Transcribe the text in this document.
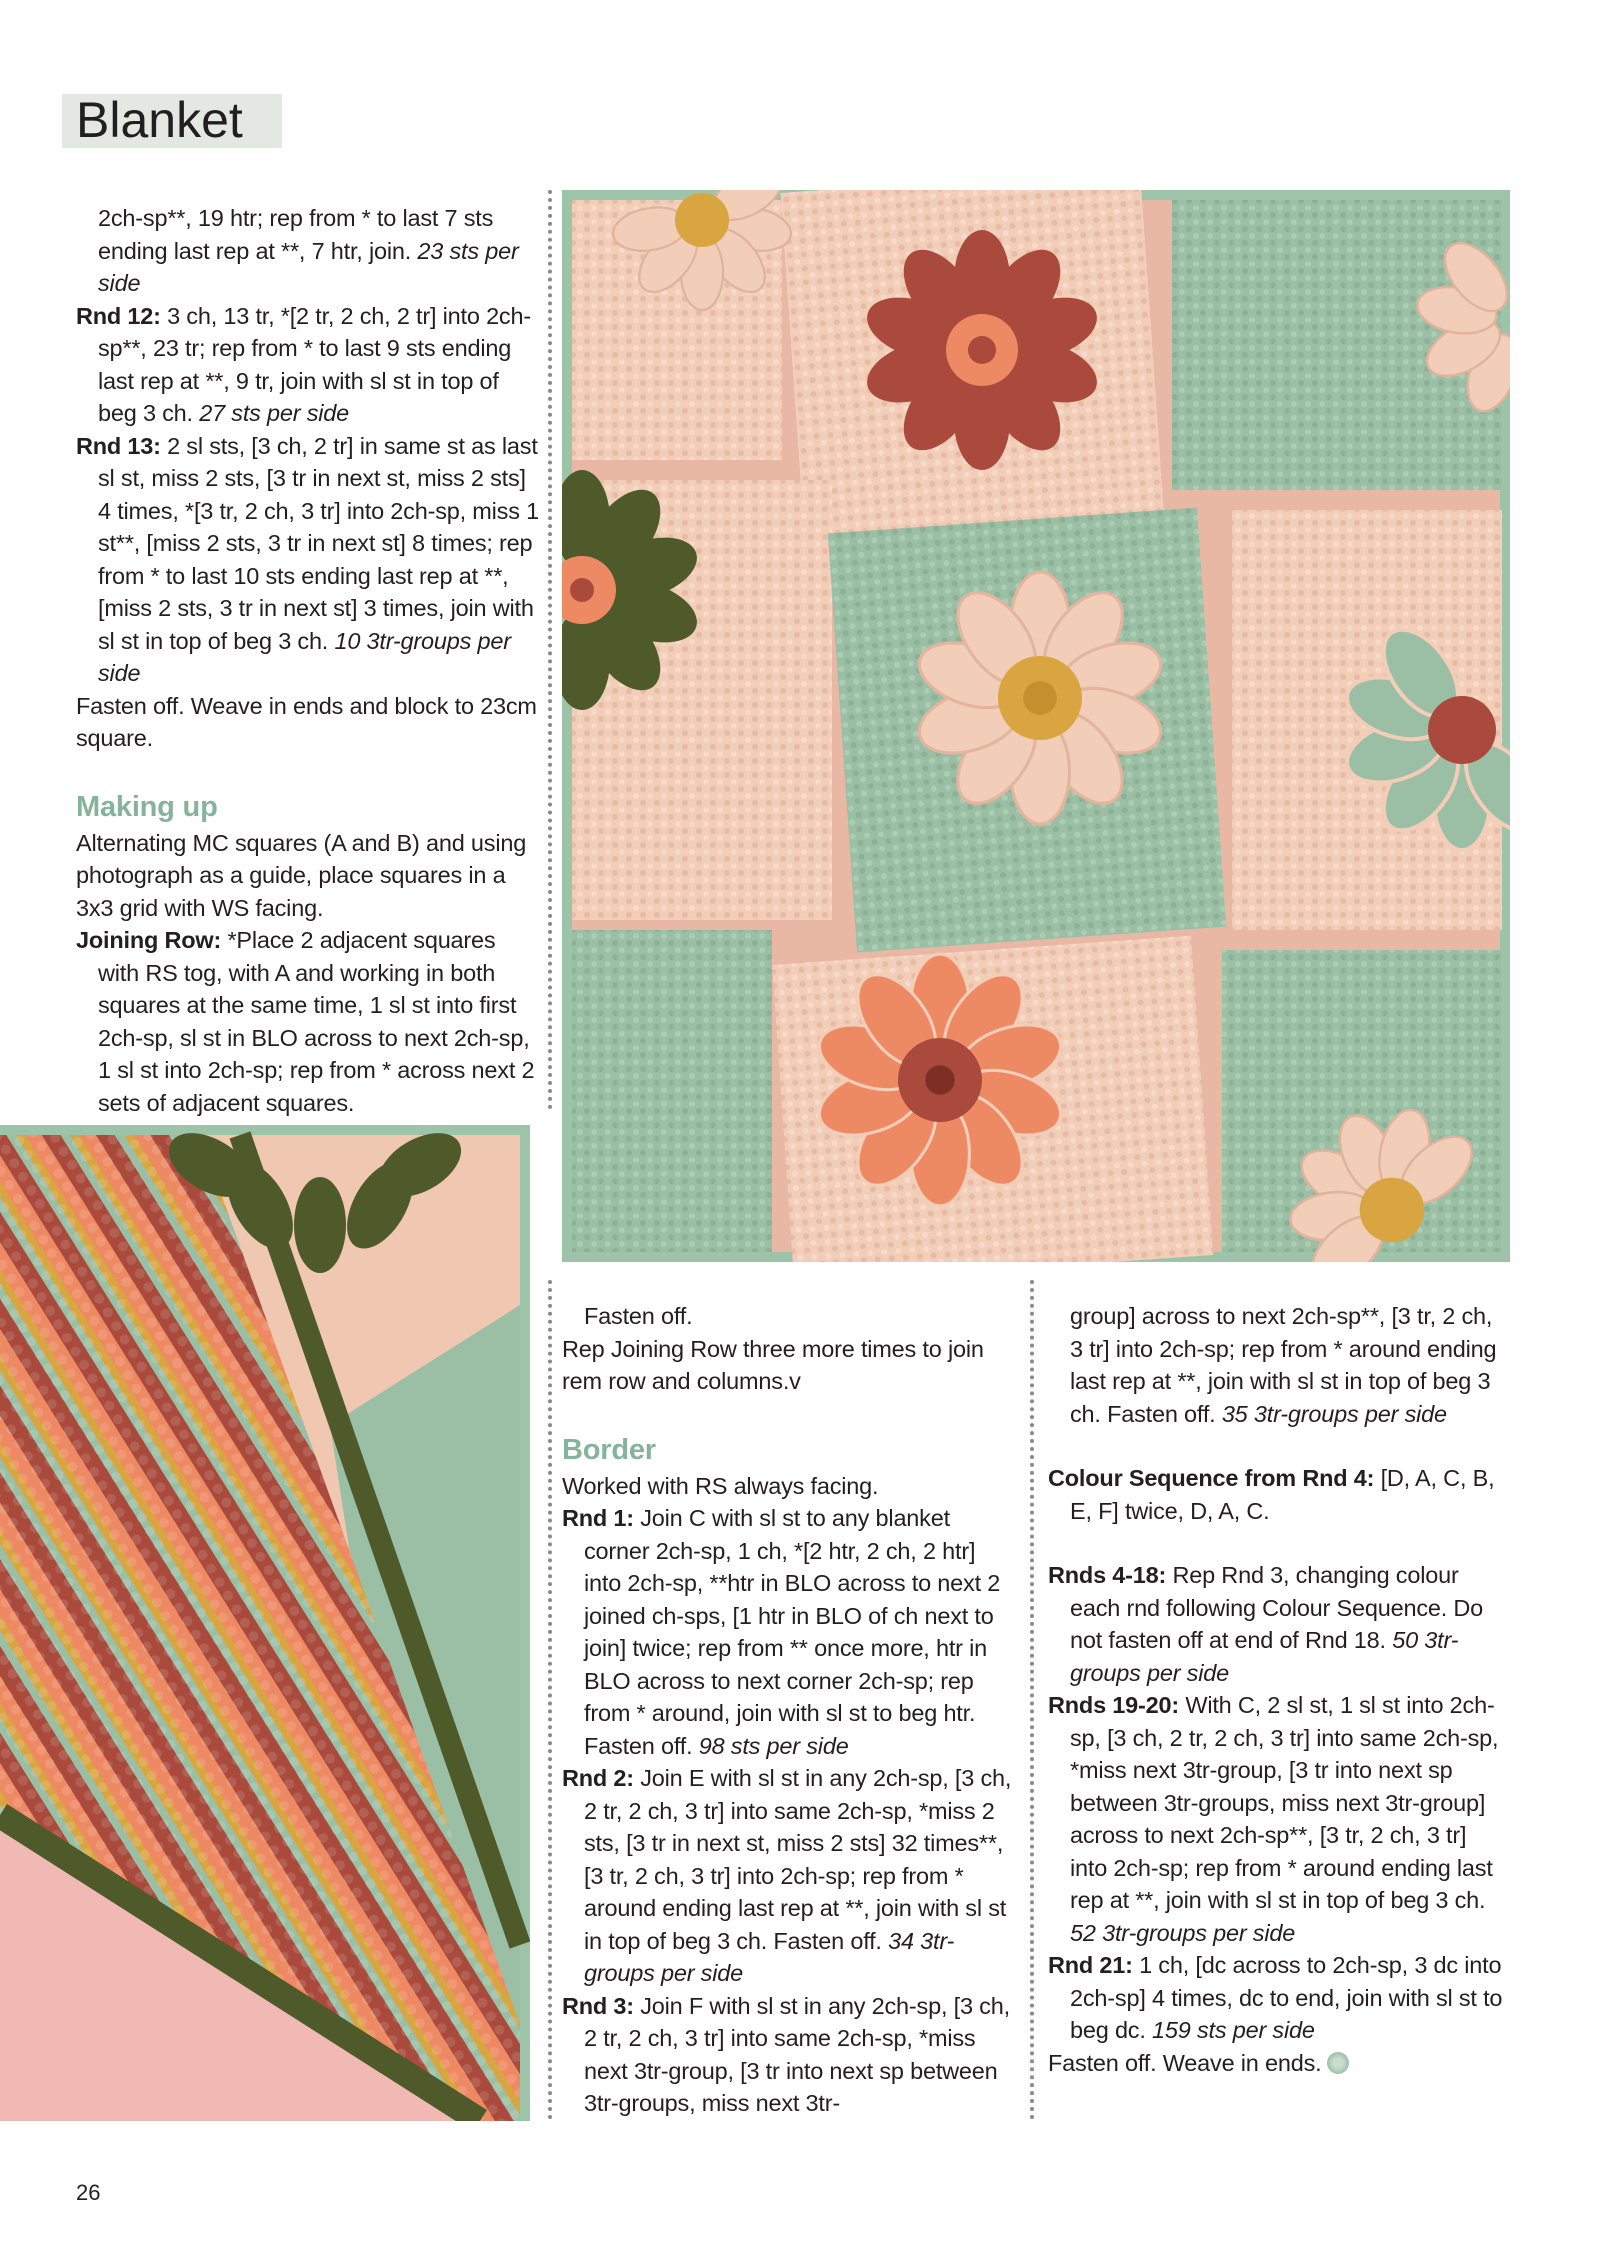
Blanket

2ch-sp**, 19 htr; rep from * to last 7 sts ending last rep at **, 7 htr, join. 23 sts per side

Rnd 12: 3 ch, 13 tr, *[2 tr, 2 ch, 2 tr] into 2ch-sp**, 23 tr; rep from * to last 9 sts ending last rep at **, 9 tr, join with sl st in top of beg 3 ch. 27 sts per side

Rnd 13: 2 sl sts, [3 ch, 2 tr] in same st as last sl st, miss 2 sts, [3 tr in next st, miss 2 sts] 4 times, *[3 tr, 2 ch, 3 tr] into 2ch-sp, miss 1 st**, [miss 2 sts, 3 tr in next st] 8 times; rep from * to last 10 sts ending last rep at **, [miss 2 sts, 3 tr in next st] 3 times, join with sl st in top of beg 3 ch. 10 3tr-groups per side

Fasten off. Weave in ends and block to 23cm square.

Making up

Alternating MC squares (A and B) and using photograph as a guide, place squares in a 3x3 grid with WS facing.

Joining Row: *Place 2 adjacent squares with RS tog, with A and working in both squares at the same time, 1 sl st into first 2ch-sp, sl st in BLO across to next 2ch-sp, 1 sl st into 2ch-sp; rep from * across next 2 sets of adjacent squares.

Fasten off.

Rep Joining Row three more times to join rem row and columns.v

Border

Worked with RS always facing.

Rnd 1: Join C with sl st to any blanket corner 2ch-sp, 1 ch, *[2 htr, 2 ch, 2 htr] into 2ch-sp, **htr in BLO across to next 2 joined ch-sps, [1 htr in BLO of ch next to join] twice; rep from ** once more, htr in BLO across to next corner 2ch-sp; rep from * around, join with sl st to beg htr. Fasten off. 98 sts per side

Rnd 2: Join E with sl st in any 2ch-sp, [3 ch, 2 tr, 2 ch, 3 tr] into same 2ch-sp, *miss 2 sts, [3 tr in next st, miss 2 sts] 32 times**, [3 tr, 2 ch, 3 tr] into 2ch-sp; rep from * around ending last rep at **, join with sl st in top of beg 3 ch. Fasten off. 34 3tr-groups per side

Rnd 3: Join F with sl st in any 2ch-sp, [3 ch, 2 tr, 2 ch, 3 tr] into same 2ch-sp, *miss next 3tr-group, [3 tr into next sp between 3tr-groups, miss next 3tr-

group] across to next 2ch-sp**, [3 tr, 2 ch, 3 tr] into 2ch-sp; rep from * around ending last rep at **, join with sl st in top of beg 3 ch. Fasten off. 35 3tr-groups per side

Colour Sequence from Rnd 4: [D, A, C, B, E, F] twice, D, A, C.

Rnds 4-18: Rep Rnd 3, changing colour each rnd following Colour Sequence. Do not fasten off at end of Rnd 18. 50 3tr-groups per side

Rnds 19-20: With C, 2 sl st, 1 sl st into 2ch-sp, [3 ch, 2 tr, 2 ch, 3 tr] into same 2ch-sp, *miss next 3tr-group, [3 tr into next sp between 3tr-groups, miss next 3tr-group] across to next 2ch-sp**, [3 tr, 2 ch, 3 tr] into 2ch-sp; rep from * around ending last rep at **, join with sl st in top of beg 3 ch. 52 3tr-groups per side

Rnd 21: 1 ch, [dc across to 2ch-sp, 3 dc into 2ch-sp] 4 times, dc to end, join with sl st to beg dc. 159 sts per side

Fasten off. Weave in ends.

26
